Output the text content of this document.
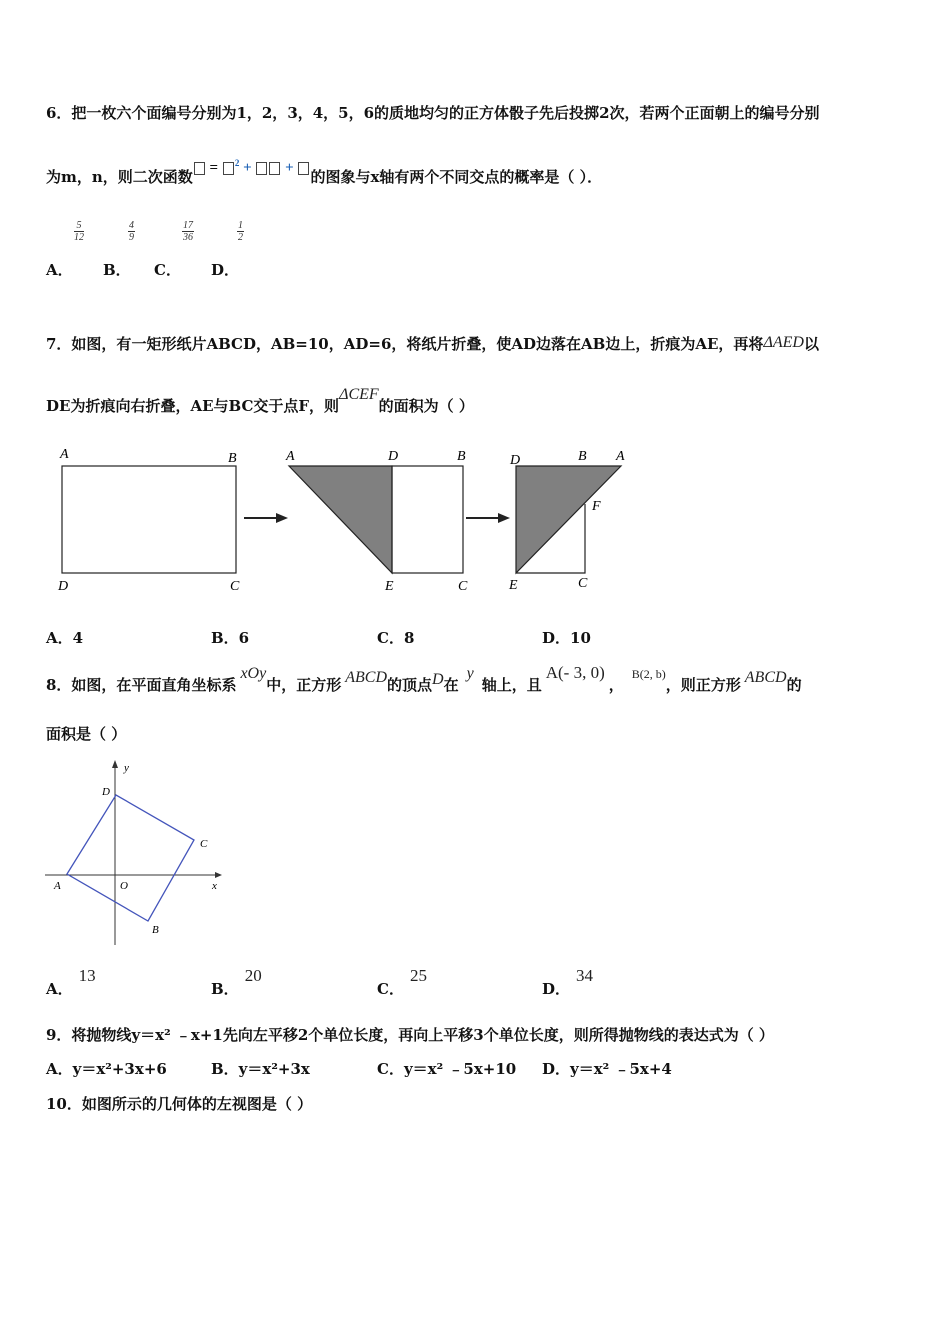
6．把一枚六个面编号分别为1，2，3，4，5，6的质地均匀的正方体骰子先后投掷2次，若两个正面朝上的编号分别
为m，n，则二次函数 = $^2$ + + 的图象与x轴有两个不同交点的概率是（ ）．
$\frac{5}{12}$	$\frac{4}{9}$	$\frac{17}{36}$	$\frac{1}{2}$
A． B． C． D．
7．如图，有一矩形纸片ABCD，AB=10，AD=6，将纸片折叠，使AD边落在AB边上，折痕为AE，再将ΔAED以
DE为折痕向右折叠，AE与BC交于点F，则ΔCEF的面积为（ ）
A	B
D	C
A	D	B
E	C
D	B A
F
E	C
A．4	B．6	C．8	D．10
8．如图，在平面直角坐标系xOy中，正方形 ABCD的顶点D在y轴上，且A(- 3, 0)，$^{B(2, b)}$，则正方形 ABCD的
面积是（ ）
y
x
D
C
A	O
B
A．13
B．20
C．25
D．34
9．将抛物线y＝x² ﹣x+1先向左平移2个单位长度，再向上平移3个单位长度，则所得抛物线的表达式为（ ）
A．y＝x²+3x+6	B．y＝x²+3x	C．y＝x² ﹣5x+10 D．y＝x² ﹣5x+4
10．如图所示的几何体的左视图是（ ）
